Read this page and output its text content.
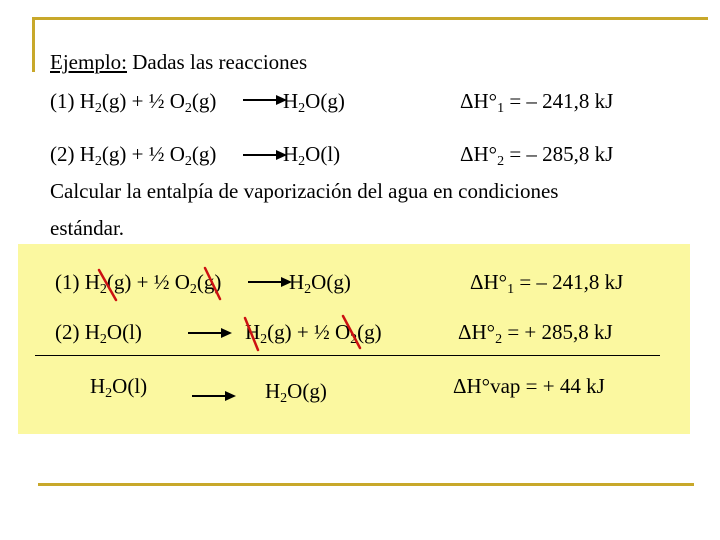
Ejemplo: Dadas las reacciones
(1) $H_2(g)$ + ½ $O_2(g)$	$H_2O(g)$	$\Delta H^\circ_1$ = – 241,8 kJ
(2) $H_2(g)$ + ½ $O_2(g)$	$H_2O(l)$	$\Delta H^\circ_2$ = – 285,8 kJ
Calcular la entalpía de vaporización del agua en condiciones
estándar.
(1) $H_2(g)$ + ½ $O_2(g)$	$H_2O(g)$	$\Delta H^\circ_1$ = – 241,8 kJ
(2) $H_2O(l)$	$H_2(g)$ + ½ $O_2(g)$	$\Delta H^\circ_2$ = + 285,8 kJ
$H_2O(l)$	$H_2O(g)$	ΔH°vap = + 44 kJ
